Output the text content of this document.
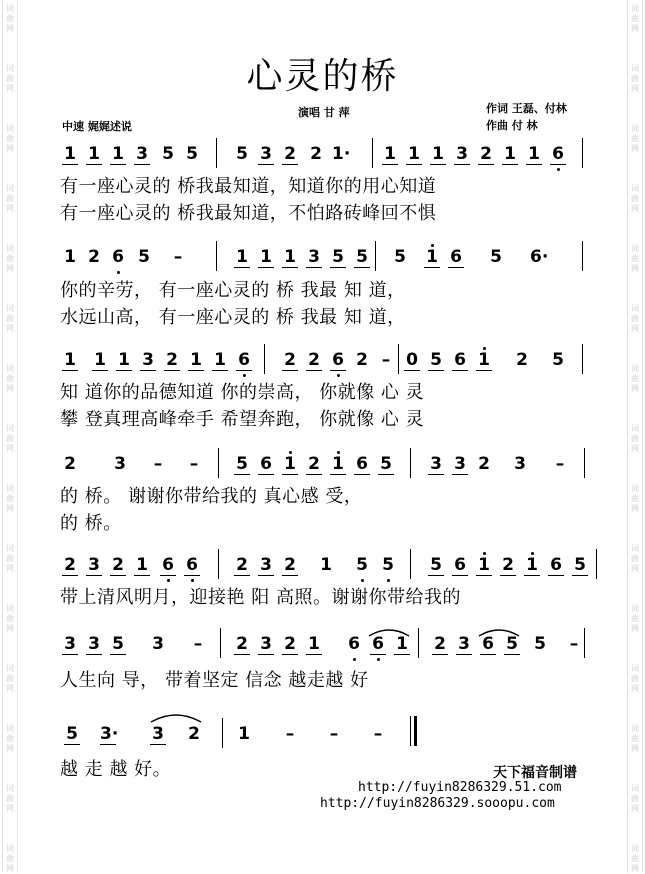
词曲网
词曲网
词曲网
词曲网
词曲网
词曲网
词曲网
词曲网
词曲网
词曲网
词曲网
词曲网
词曲网
词曲网
词曲网
词曲网
词曲网
词曲网
词曲网
词曲网
词曲网
词曲网
词曲网
词曲网
词曲网
词曲网
词曲网
词曲网
词曲网
词曲网
心灵的桥
中速 娓娓述说
演唱 甘 萍	作词 王磊、付林
作曲 付 林
1 1 1 3 5 5 5 3 2 2 1· 1 1 1 3 2 1 1 6
有一座心灵的 桥我最知道，知道你的用心知道
有一座心灵的 桥我最知道，不怕路砖峰回不惧
1 2 6 5 –	1 1 1 3 5 5 5 1 6 5 6·
你的辛劳， 有一座心灵的 桥 我最 知 道，
水远山高， 有一座心灵的 桥 我最 知 道，
1 1 1 3 2 1 1 6 2 2 6 2 – 0 5 6 1 2 5
知 道你的品德知道 你的崇高， 你就像 心 灵
攀 登真理高峰牵手 希望奔跑， 你就像 心 灵
2 3 – – 5 6 1 2 1 6 5 3 3 2 3 –
的 桥。 谢谢你带给我的 真心感 受，
的 桥。
2 3 2 1 6 6 2 3 2 1 5 5 5 6 1 2 1 6 5
带上清风明月，迎接艳 阳 高照。谢谢你带给我的
3 3 5 3 – 2 3 2 1 6 6 1 2 3 6 5 5 –
人生向 导， 带着坚定 信念 越走越 好
5 3· 3 2 1 – – –
越 走 越 好。	天下福音制谱
http://fuyin8286329.51.com
http://fuyin8286329.sooopu.com
